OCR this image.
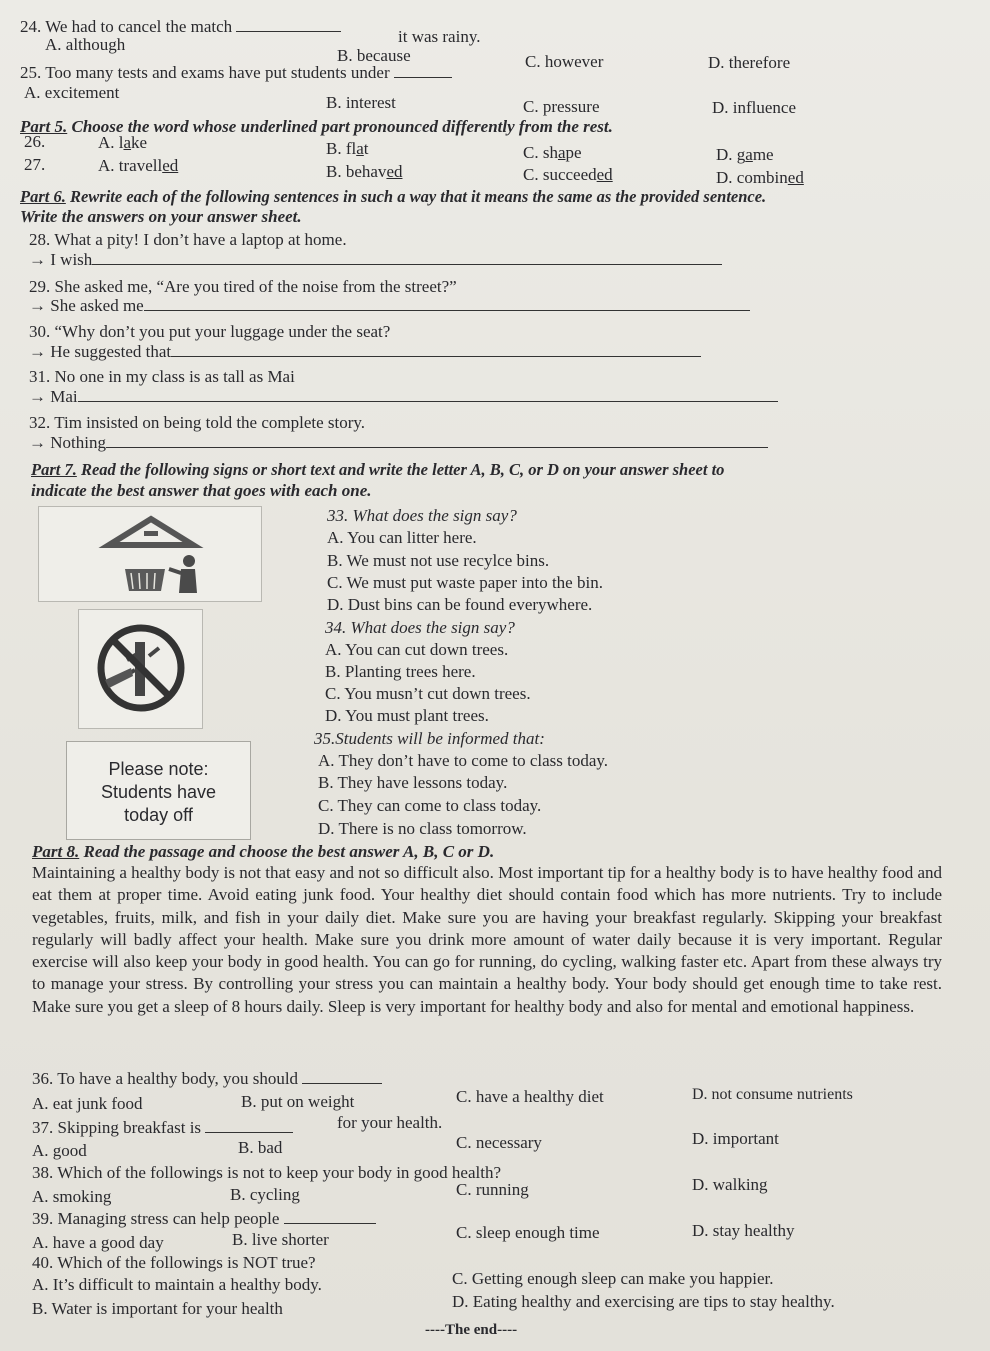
24. We had to cancel the match
it was rainy.
A. although
B. because	C. however	D. therefore
25. Too many tests and exams have put students under
A. excitement
B. interest	C. pressure	D. influence
Part 5. Choose the word whose underlined part pronounced differently from the rest.
26.	A. lake	B. flat	C. shape	D. game
27.	A. travelled	B. behaved	C. succeeded	D. combined
Part 6. Rewrite each of the following sentences in such a way that it means the same as the provided sentence.
Write the answers on your answer sheet.
28. What a pity! I don’t have a laptop at home.
→ I wish
29. She asked me, “Are you tired of the noise from the street?”
→ She asked me
30. “Why don’t you put your luggage under the seat?
→ He suggested that
31. No one in my class is as tall as Mai
→ Mai
32. Tim insisted on being told the complete story.
→ Nothing
Part 7. Read the following signs or short text and write the letter A, B, C, or D on your answer sheet to
indicate the best answer that goes with each one.
33. What does the sign say?
A. You can litter here.
B. We must not use recylce bins.
C. We must put waste paper into the bin.
D. Dust bins can be found everywhere.
34. What does the sign say?
A. You can cut down trees.
B. Planting trees here.
C. You musn’t cut down trees.
D. You must plant trees.
Please note:
Students have
today off
35.Students will be informed that:
A. They don’t have to come to class today.
B. They have lessons today.
C. They can come to class today.
D. There is no class tomorrow.
Part 8. Read the passage and choose the best answer A, B, C or D.
Maintaining a healthy body is not that easy and not so difficult also. Most important tip for a healthy body is to have healthy food and eat them at proper time. Avoid eating junk food. Your healthy diet should contain food which has more nutrients. Try to include vegetables, fruits, milk, and fish in your daily diet. Make sure you are having your breakfast regularly. Skipping your breakfast regularly will badly affect your health. Make sure you drink more amount of water daily because it is very important. Regular exercise will also keep your body in good health. You can go for running, do cycling, walking faster etc. Apart from these always try to manage your stress. By controlling your stress you can maintain a healthy body. Your body should get enough time to take rest. Make sure you get a sleep of 8 hours daily. Sleep is very important for healthy body and also for mental and emotional happiness.
36. To have a healthy body, you should
A. eat junk food	B. put on weight	C. have a healthy diet	D. not consume nutrients
37. Skipping breakfast is	for your health.
A. good	B. bad	C. necessary	D. important
38. Which of the followings is not to keep your body in good health?
A. smoking	B. cycling	C. running	D. walking
39. Managing stress can help people
A. have a good day	B. live shorter	C. sleep enough time	D. stay healthy
40. Which of the followings is NOT true?
A. It’s difficult to maintain a healthy body.	C. Getting enough sleep can make you happier.
B. Water is important for your health	D. Eating healthy and exercising are tips to stay healthy.
----The end----
